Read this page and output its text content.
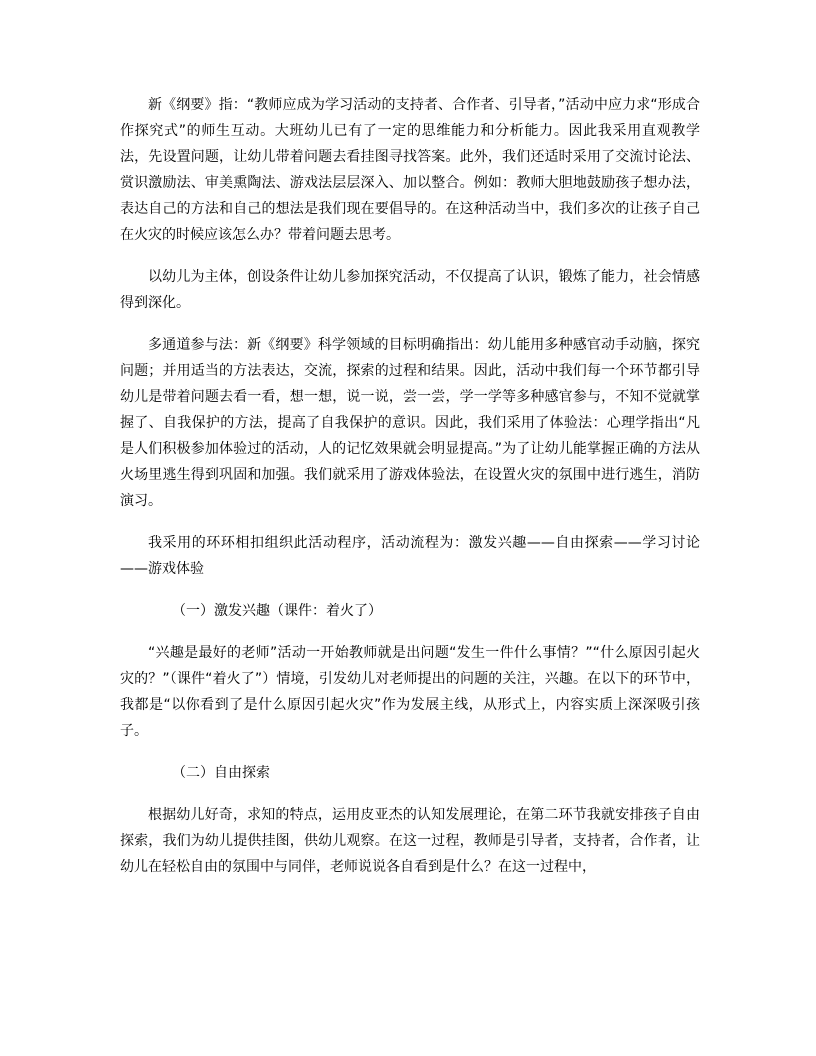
新《纲要》指：“教师应成为学习活动的支持者、合作者、引导者，”活动中应力求“形成合作探究式”的师生互动。大班幼儿已有了一定的思维能力和分析能力。因此我采用直观教学法，先设置问题，让幼儿带着问题去看挂图寻找答案。此外，我们还适时采用了交流讨论法、赏识激励法、审美熏陶法、游戏法层层深入、加以整合。例如：教师大胆地鼓励孩子想办法，表达自己的方法和自己的想法是我们现在要倡导的。在这种活动当中，我们多次的让孩子自己在火灾的时候应该怎么办？带着问题去思考。

以幼儿为主体，创设条件让幼儿参加探究活动，不仅提高了认识，锻炼了能力，社会情感得到深化。

多通道参与法：新《纲要》科学领域的目标明确指出：幼儿能用多种感官动手动脑，探究问题；并用适当的方法表达，交流，探索的过程和结果。因此，活动中我们每一个环节都引导幼儿是带着问题去看一看，想一想，说一说，尝一尝，学一学等多种感官参与，不知不觉就掌握了、自我保护的方法，提高了自我保护的意识。因此，我们采用了体验法：心理学指出“凡是人们积极参加体验过的活动，人的记忆效果就会明显提高。”为了让幼儿能掌握正确的方法从火场里逃生得到巩固和加强。我们就采用了游戏体验法，在设置火灾的氛围中进行逃生，消防演习。

我采用的环环相扣组织此活动程序，活动流程为：激发兴趣——自由探索——学习讨论——游戏体验

（一）激发兴趣（课件：着火了）

“兴趣是最好的老师”活动一开始教师就是出问题“发生一件什么事情？”“什么原因引起火灾的？”（课件“着火了”）情境，引发幼儿对老师提出的问题的关注，兴趣。在以下的环节中，我都是“以你看到了是什么原因引起火灾”作为发展主线，从形式上，内容实质上深深吸引孩子。

（二）自由探索

根据幼儿好奇，求知的特点，运用皮亚杰的认知发展理论，在第二环节我就安排孩子自由探索，我们为幼儿提供挂图，供幼儿观察。在这一过程，教师是引导者，支持者，合作者，让幼儿在轻松自由的氛围中与同伴，老师说说各自看到是什么？在这一过程中，
